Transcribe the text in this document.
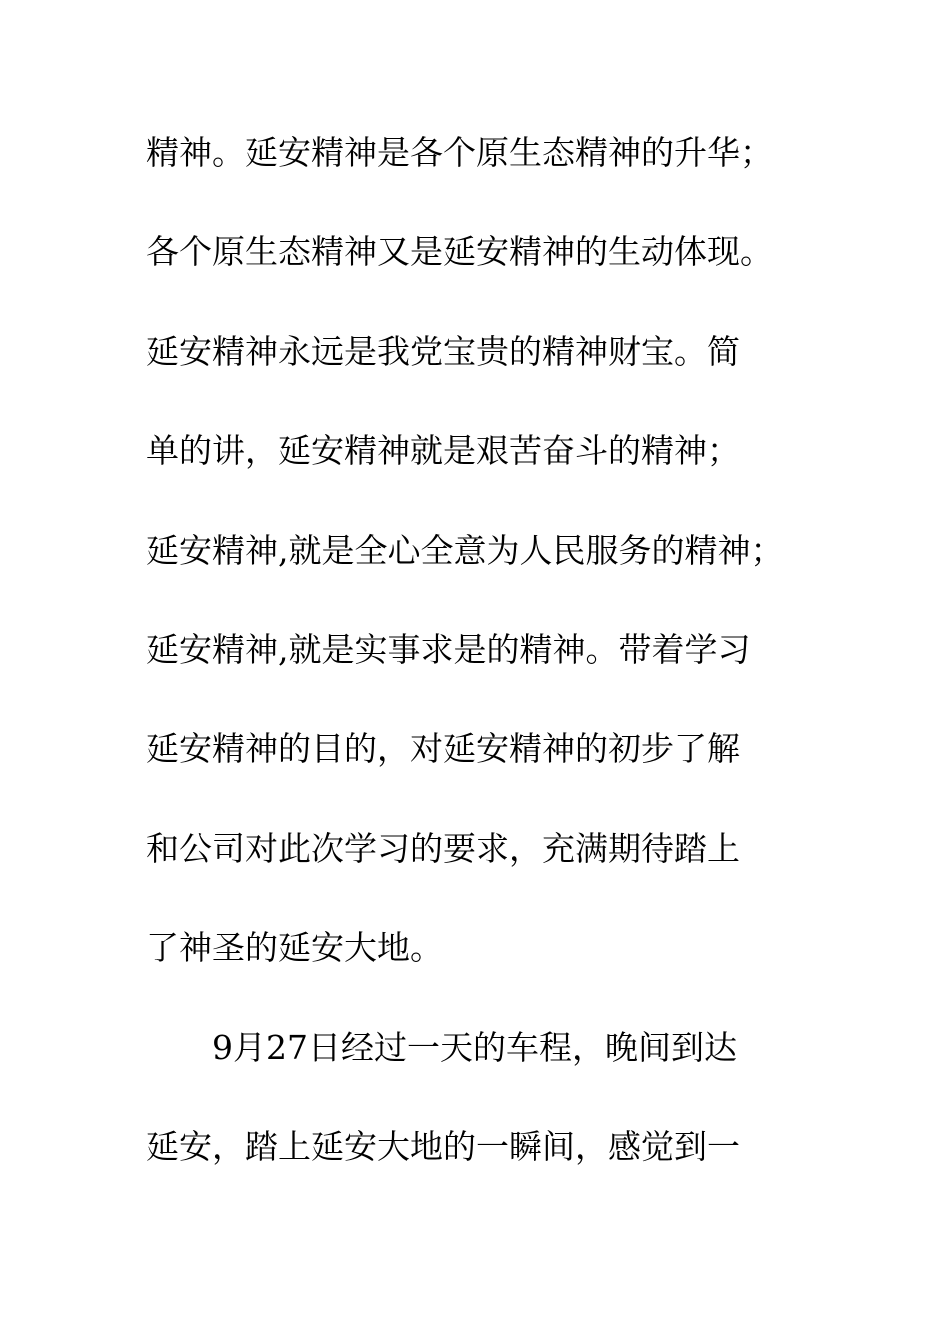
精神。延安精神是各个原生态精神的升华；
各个原生态精神又是延安精神的生动体现。
延安精神永远是我党宝贵的精神财宝。简
单的讲，延安精神就是艰苦奋斗的精神；
延安精神,就是全心全意为人民服务的精神；
延安精神,就是实事求是的精神。带着学习
延安精神的目的，对延安精神的初步了解
和公司对此次学习的要求，充满期待踏上
了神圣的延安大地。
9月27日经过一天的车程，晚间到达
延安，踏上延安大地的一瞬间，感觉到一
